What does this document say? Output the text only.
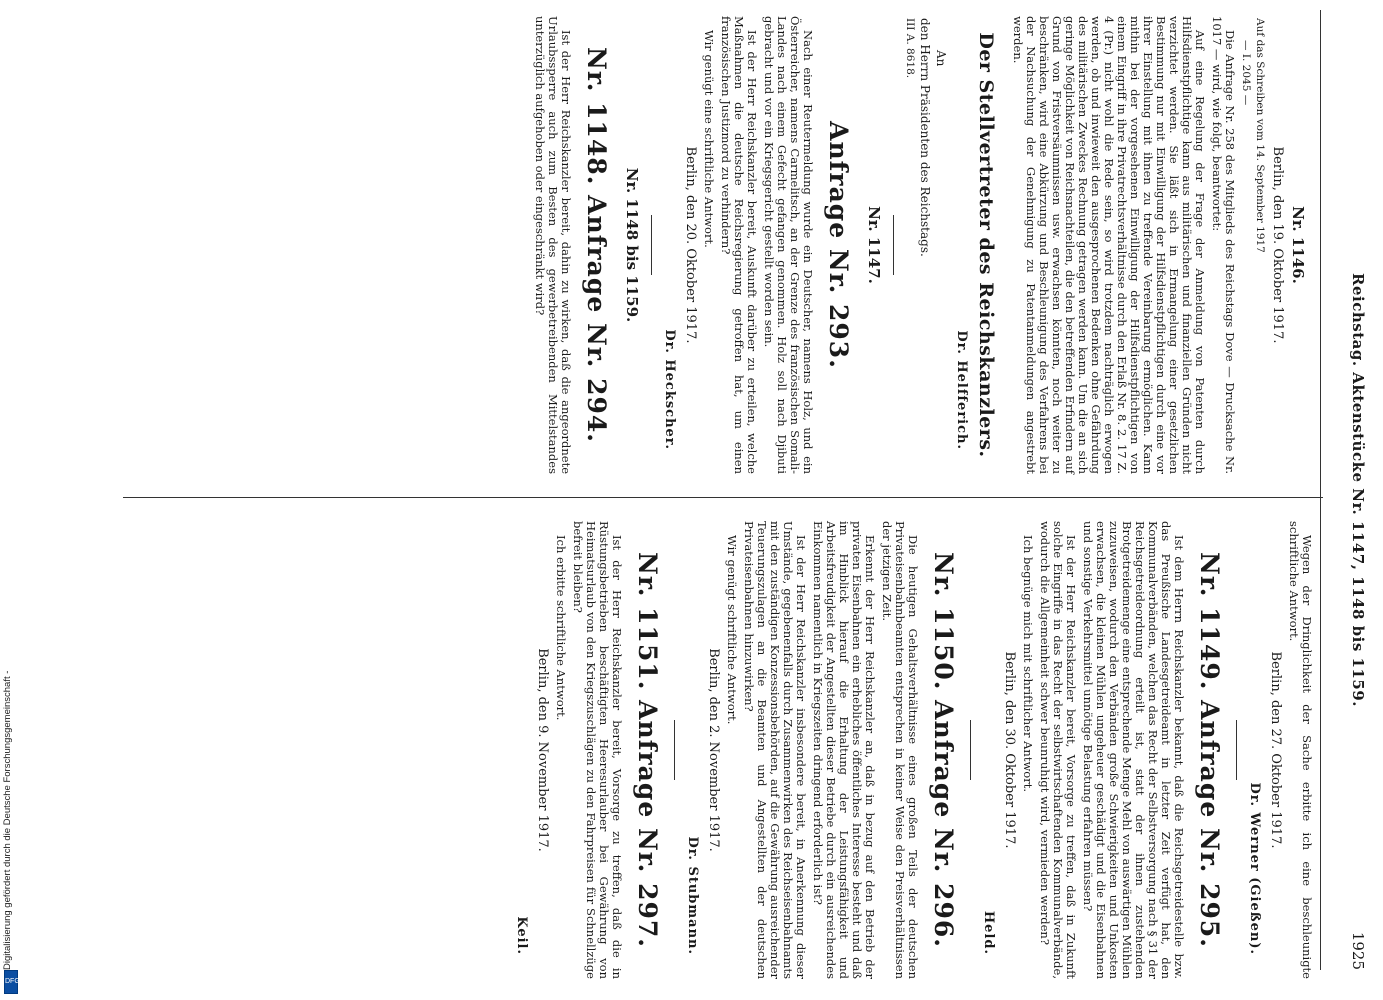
DFG
Digitalisierung gefördert durch die Deutsche Forschungsgemeinschaft -
Reichstag. Aktenstücke Nr. 1147, 1148 bis 1159.
1925
Nr. 1146.
Berlin, den 19. Oktober 1917.
Auf das Schreiben vom 14. September 1917
— I. 2045 —
Die Anfrage Nr. 258 des Mitglieds des Reichstags Dove — Drucksache Nr. 1017 — wird, wie folgt, beantwortet:
Auf eine Regelung der Frage der Anmeldung von Patenten durch Hilfsdienstpflichtige kann aus militärischen und finanziellen Gründen nicht verzichtet werden. Sie läßt sich in Ermangelung einer gesetzlichen Bestimmung nur mit Einwilligung der Hilfsdienstpflichtigen durch eine vor ihrer Einstellung mit ihnen zu treffende Vereinbarung ermöglichen. Kann mithin bei der vorgesehenen Einwilligung der Hilfsdienstpflichtigen von einem Eingriff in ihre Privatrechtsverhältnisse durch den Erlaß Nr. 8. 2. 17 Z. 4 (Pr.) nicht wohl die Rede sein, so wird trotzdem nachträglich erwogen werden, ob und inwieweit den ausgesprochenen Bedenken ohne Gefährdung des militärischen Zweckes Rechnung getragen werden kann. Um die an sich geringe Möglichkeit von Reichsnachteilen, die den betreffenden Erfindern auf Grund von Fristversäumnissen usw. erwachsen könnten, noch weiter zu beschränken, wird eine Abkürzung und Beschleunigung des Verfahrens bei der Nachsuchung der Genehmigung zu Patentanmeldungen angestrebt werden.
Der Stellvertreter des Reichskanzlers.
Dr. Helfferich.
An
den Herrn Präsidenten des Reichstags.
III A. 8618.
Nr. 1147.
Anfrage Nr. 293.
Nach einer Reutermeldung wurde ein Deutscher, namens Holz, und ein Österreicher, namens Carmelitsch, an der Grenze des französischen Somali-Landes nach einem Gefecht gefangen genommen. Holz soll nach Djibuti gebracht und vor ein Kriegsgericht gestellt worden sein.
Ist der Herr Reichskanzler bereit, Auskunft darüber zu erteilen, welche Maßnahmen die deutsche Reichsregierung getroffen hat, um einen französischen Justizmord zu verhindern?
Wir genügt eine schriftliche Antwort.
Berlin, den 20. Oktober 1917.
Dr. Heckscher.
Nr. 1148 bis 1159.
Nr. 1148. Anfrage Nr. 294.
Ist der Herr Reichskanzler bereit, dahin zu wirken, daß die angeordnete Urlaubssperre auch zum Besten des gewerbetreibenden Mittelstandes unterzüglich aufgehoben oder eingeschränkt wird?
Wegen der Dringlichkeit der Sache erbitte ich eine beschleunigte schriftliche Antwort.
Berlin, den 27. Oktober 1917.
Dr. Werner (Gießen).
Nr. 1149. Anfrage Nr. 295.
Ist dem Herrn Reichskanzler bekannt, daß die Reichsgetreidestelle bzw. das Preußische Landesgetreideamt in letzter Zeit verfügt hat, den Kommunalverbänden, welchen das Recht der Selbstversorgung nach § 31 der Reichsgetreideordnung erteilt ist, statt der ihnen zustehenden Brotgetreidemenge eine entsprechende Menge Mehl von auswärtigen Mühlen zuzuweisen, wodurch den Verbänden große Schwierigkeiten und Unkosten erwachsen, die kleinen Mühlen ungeheuer geschädigt und die Eisenbahnen und sonstige Verkehrsmittel unnötige Belastung erfahren müssen?
Ist der Herr Reichskanzler bereit, Vorsorge zu treffen, daß in Zukunft solche Eingriffe in das Recht der selbstwirtschaftenden Kommunalverbände, wodurch die Allgemeinheit schwer beunruhigt wird, vermieden werden?
Ich begnüge mich mit schriftlicher Antwort.
Berlin, den 30. Oktober 1917.
Held.
Nr. 1150. Anfrage Nr. 296.
Die heutigen Gehaltsverhältnisse eines großen Teils der deutschen Privateisenbahnbeamten entsprechen in keiner Weise den Preisverhältnissen der jetzigen Zeit.
Erkennt der Herr Reichskanzler an, daß in bezug auf den Betrieb der privaten Eisenbahnen ein erhebliches öffentliches Interesse besteht und daß im Hinblick hierauf die Erhaltung der Leistungsfähigkeit und Arbeitsfreudigkeit der Angestellten dieser Betriebe durch ein ausreichendes Einkommen namentlich in Kriegszeiten dringend erforderlich ist?
Ist der Herr Reichskanzler insbesondere bereit, in Anerkennung dieser Umstände, gegebenenfalls durch Zusammenwirken des Reichseisenbahnamts mit den zuständigen Konzessionsbehörden, auf die Gewährung ausreichender Teuerungszulagen an die Beamten und Angestellten der deutschen Privateisenbahnen hinzuwirken?
Wir genügt schriftliche Antwort.
Berlin, den 2. November 1917.
Dr. Stubmann.
Nr. 1151. Anfrage Nr. 297.
Ist der Herr Reichskanzler bereit, Vorsorge zu treffen, daß die in Rüstungsbetrieben beschäftigten Heeresurlauber bei Gewährung von Heimatsurlaub von den Kriegszuschlägen zu den Fahrpreisen für Schnellzüge befreit bleiben?
Ich erbitte schriftliche Antwort.
Berlin, den 9. November 1917.
Keil.
